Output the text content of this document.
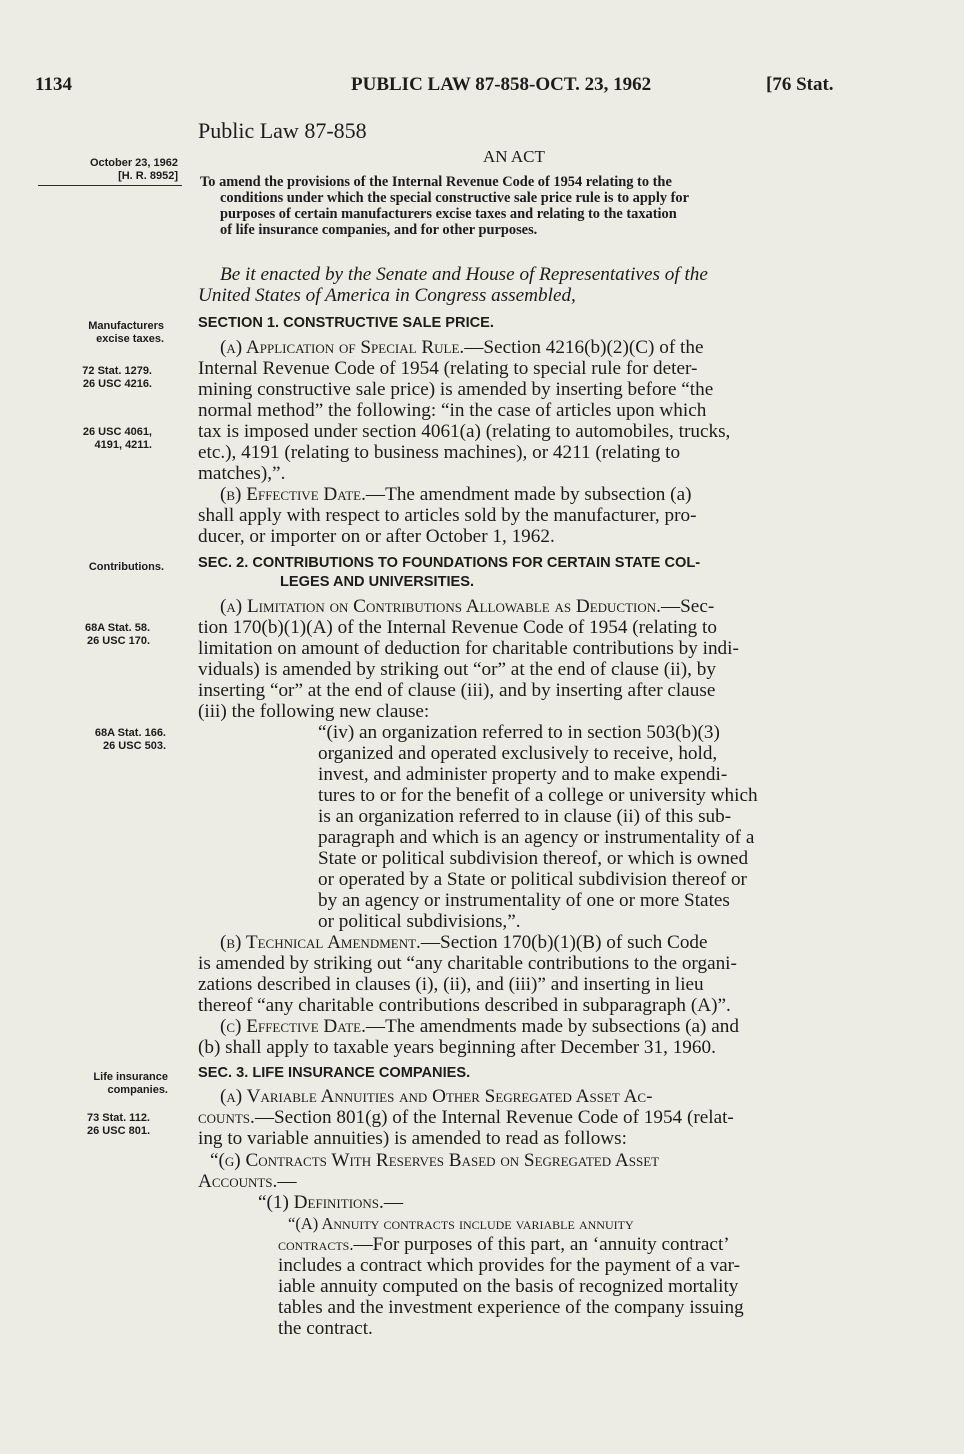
1134	PUBLIC LAW 87-858-OCT. 23, 1962	[76 Stat.
Public Law 87-858
AN ACT
October 23, 1962
[H. R. 8952] To amend the provisions of the Internal Revenue Code of 1954 relating to the
conditions under which the special constructive sale price rule is to apply for
purposes of certain manufacturers excise taxes and relating to the taxation
of life insurance companies, and for other purposes.
Be it enacted by the Senate and House of Representatives of the
United States of America in Congress assembled,
Manufacturers
excise taxes.
SECTION 1. CONSTRUCTIVE SALE PRICE.
(a) Application of Special Rule.—Section 4216(b)(2)(C) of the
72 Stat. 1279.
26 USC 4216.
Internal Revenue Code of 1954 (relating to special rule for deter-
mining constructive sale price) is amended by inserting before “the
normal method” the following: “in the case of articles upon which
tax is imposed under section 4061(a) (relating to automobiles, trucks,
etc.), 4191 (relating to business machines), or 4211 (relating to
matches),”.
26 USC 4061,
4191, 4211.
(b) Effective Date.—The amendment made by subsection (a)
shall apply with respect to articles sold by the manufacturer, pro-
ducer, or importer on or after October 1, 1962.
Contributions. SEC. 2. CONTRIBUTIONS TO FOUNDATIONS FOR CERTAIN STATE COL-
LEGES AND UNIVERSITIES.
(a) Limitation on Contributions Allowable as Deduction.—Sec-
68A Stat. 58.
26 USC 170.
tion 170(b)(1)(A) of the Internal Revenue Code of 1954 (relating to
limitation on amount of deduction for charitable contributions by indi-
viduals) is amended by striking out “or” at the end of clause (ii), by
inserting “or” at the end of clause (iii), and by inserting after clause
(iii) the following new clause:
68A Stat. 166.
26 USC 503.
“(iv) an organization referred to in section 503(b)(3)
organized and operated exclusively to receive, hold,
invest, and administer property and to make expendi-
tures to or for the benefit of a college or university which
is an organization referred to in clause (ii) of this sub-
paragraph and which is an agency or instrumentality of a
State or political subdivision thereof, or which is owned
or operated by a State or political subdivision thereof or
by an agency or instrumentality of one or more States
or political subdivisions,”.
(b) Technical Amendment.—Section 170(b)(1)(B) of such Code
is amended by striking out “any charitable contributions to the organi-
zations described in clauses (i), (ii), and (iii)” and inserting in lieu
thereof “any charitable contributions described in subparagraph (A)”.
(c) Effective Date.—The amendments made by subsections (a) and
(b) shall apply to taxable years beginning after December 31, 1960.
Life insurance
companies.
SEC. 3. LIFE INSURANCE COMPANIES.
(a) Variable Annuities and Other Segregated Asset Ac-
73 Stat. 112.
26 USC 801.
counts.—Section 801(g) of the Internal Revenue Code of 1954 (relat-
ing to variable annuities) is amended to read as follows:
“(g) Contracts With Reserves Based on Segregated Asset
Accounts.—
“(1) Definitions.—
“(A) Annuity contracts include variable annuity
contracts.—For purposes of this part, an ‘annuity contract’
includes a contract which provides for the payment of a var-
iable annuity computed on the basis of recognized mortality
tables and the investment experience of the company issuing
the contract.
